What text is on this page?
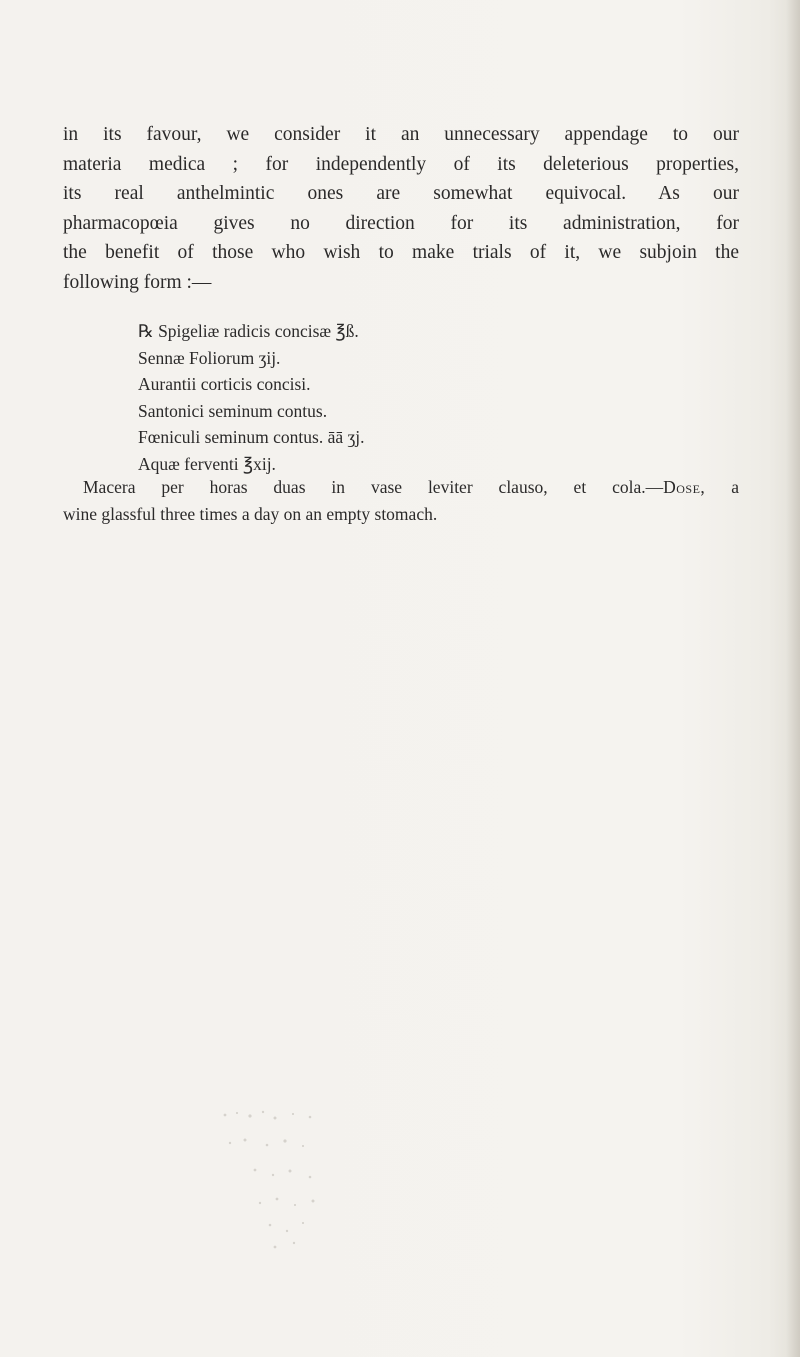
in its favour, we consider it an unnecessary appendage to our
materia medica ; for independently of its deleterious properties,
its real anthelmintic ones are somewhat equivocal. As our
pharmacopœia gives no direction for its administration, for
the benefit of those who wish to make trials of it, we subjoin the
following form :—

℞ Spigeliæ radicis concisæ ℥ß.
Sennæ Foliorum ʒij.
Aurantii corticis concisi.
Santonici seminum contus.
Fœniculi seminum contus. āā ʒj.
Aquæ ferventi ℥xij.

Macera per horas duas in vase leviter clauso, et cola.—Dose, a
wine glassful three times a day on an empty stomach.
